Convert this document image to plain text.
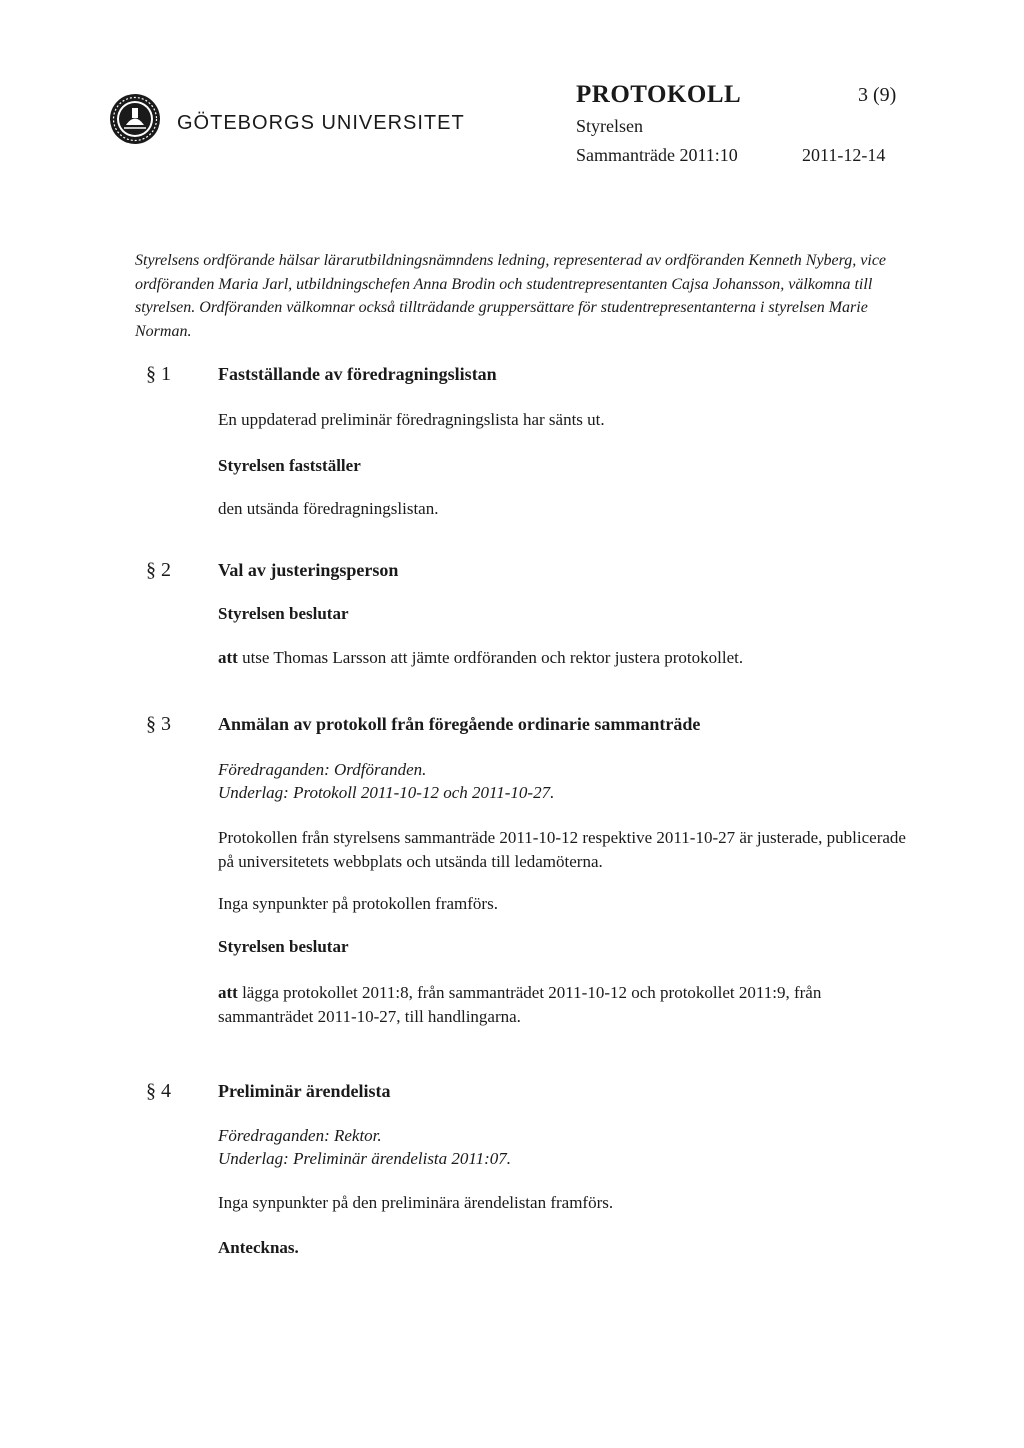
GÖTEBORGS UNIVERSITET
PROTOKOLL	3 (9)
Styrelsen
Sammanträde 2011:10	2011-12-14
Styrelsens ordförande hälsar lärarutbildningsnämndens ledning, representerad av ordföranden Kenneth Nyberg, vice ordföranden Maria Jarl, utbildningschefen Anna Brodin och studentrepresentanten Cajsa Johansson, välkomna till styrelsen. Ordföranden välkomnar också tillträdande gruppersättare för studentrepresentanterna i styrelsen Marie Norman.
§ 1	Fastställande av föredragningslistan
En uppdaterad preliminär föredragningslista har sänts ut.
Styrelsen fastställer
den utsända föredragningslistan.
§ 2	Val av justeringsperson
Styrelsen beslutar
att utse Thomas Larsson att jämte ordföranden och rektor justera protokollet.
§ 3	Anmälan av protokoll från föregående ordinarie sammanträde
Föredraganden: Ordföranden.
Underlag: Protokoll 2011-10-12 och 2011-10-27.
Protokollen från styrelsens sammanträde 2011-10-12 respektive 2011-10-27 är justerade, publicerade på universitetets webbplats och utsända till ledamöterna.
Inga synpunkter på protokollen framförs.
Styrelsen beslutar
att lägga protokollet 2011:8, från sammanträdet 2011-10-12 och protokollet 2011:9, från sammanträdet 2011-10-27, till handlingarna.
§ 4	Preliminär ärendelista
Föredraganden: Rektor.
Underlag: Preliminär ärendelista 2011:07.
Inga synpunkter på den preliminära ärendelistan framförs.
Antecknas.
